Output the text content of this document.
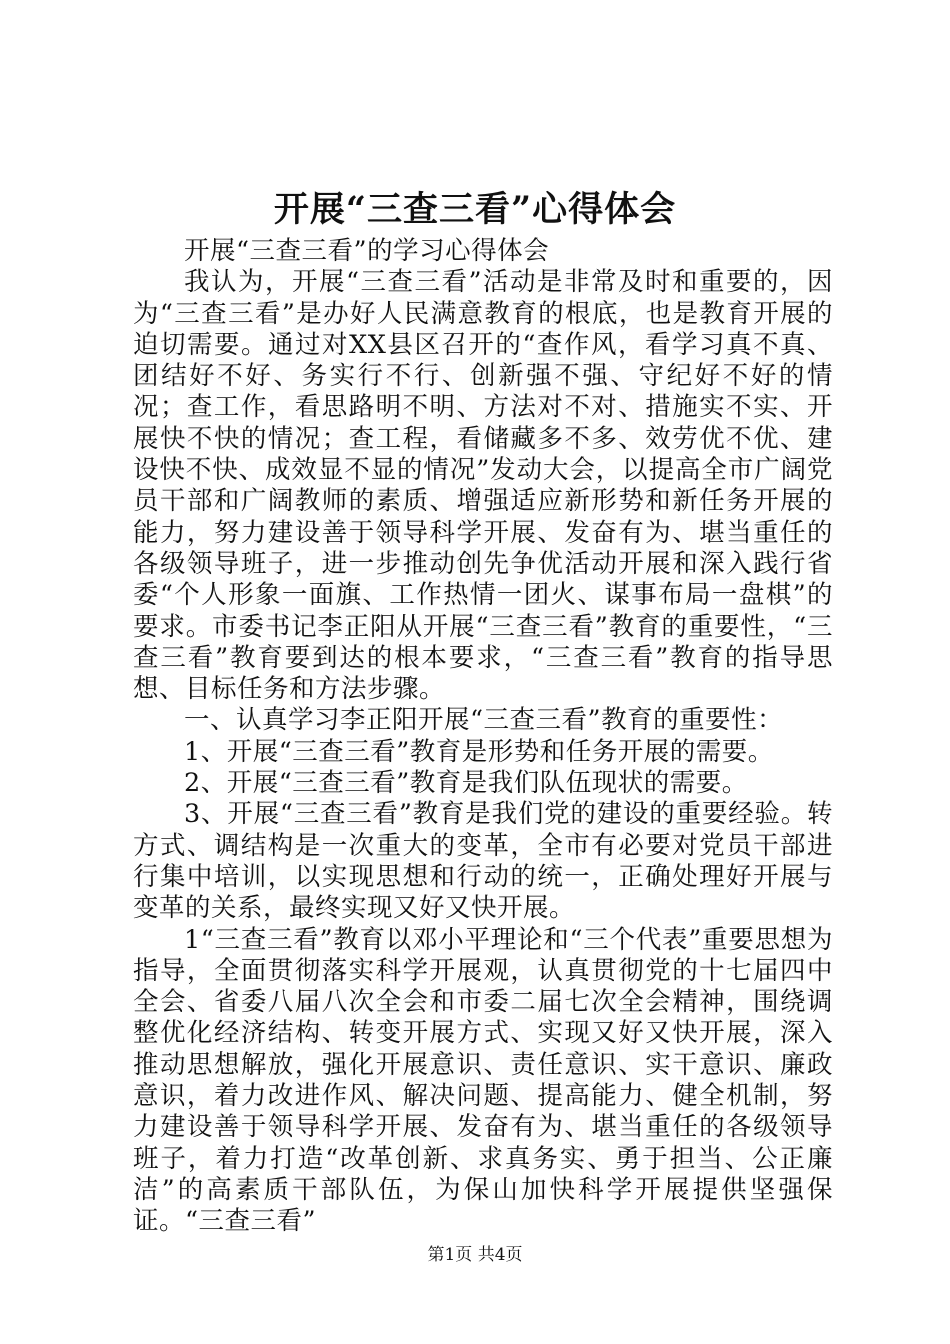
开展“三查三看”心得体会

开展“三查三看”的学习心得体会

我认为，开展“三查三看”活动是非常及时和重要的，因为“三查三看”是办好人民满意教育的根底，也是教育开展的迫切需要。通过对XX县区召开的“查作风，看学习真不真、团结好不好、务实行不行、创新强不强、守纪好不好的情况；查工作，看思路明不明、方法对不对、措施实不实、开展快不快的情况；查工程，看储藏多不多、效劳优不优、建设快不快、成效显不显的情况”发动大会，以提高全市广阔党员干部和广阔教师的素质、增强适应新形势和新任务开展的能力，努力建设善于领导科学开展、发奋有为、堪当重任的各级领导班子，进一步推动创先争优活动开展和深入践行省委“个人形象一面旗、工作热情一团火、谋事布局一盘棋”的要求。市委书记李正阳从开展“三查三看”教育的重要性，“三查三看”教育要到达的根本要求，“三查三看”教育的指导思想、目标任务和方法步骤。

一、认真学习李正阳开展“三查三看”教育的重要性：

1、开展“三查三看”教育是形势和任务开展的需要。

2、开展“三查三看”教育是我们队伍现状的需要。

3、开展“三查三看”教育是我们党的建设的重要经验。转方式、调结构是一次重大的变革，全市有必要对党员干部进行集中培训，以实现思想和行动的统一，正确处理好开展与变革的关系，最终实现又好又快开展。

1“三查三看”教育以邓小平理论和“三个代表”重要思想为指导，全面贯彻落实科学开展观，认真贯彻党的十七届四中全会、省委八届八次全会和市委二届七次全会精神，围绕调整优化经济结构、转变开展方式、实现又好又快开展，深入推动思想解放，强化开展意识、责任意识、实干意识、廉政意识，着力改进作风、解决问题、提高能力、健全机制，努力建设善于领导科学开展、发奋有为、堪当重任的各级领导班子，着力打造“改革创新、求真务实、勇于担当、公正廉洁”的高素质干部队伍，为保山加快科学开展提供坚强保证。“三查三看”

第1页 共4页
